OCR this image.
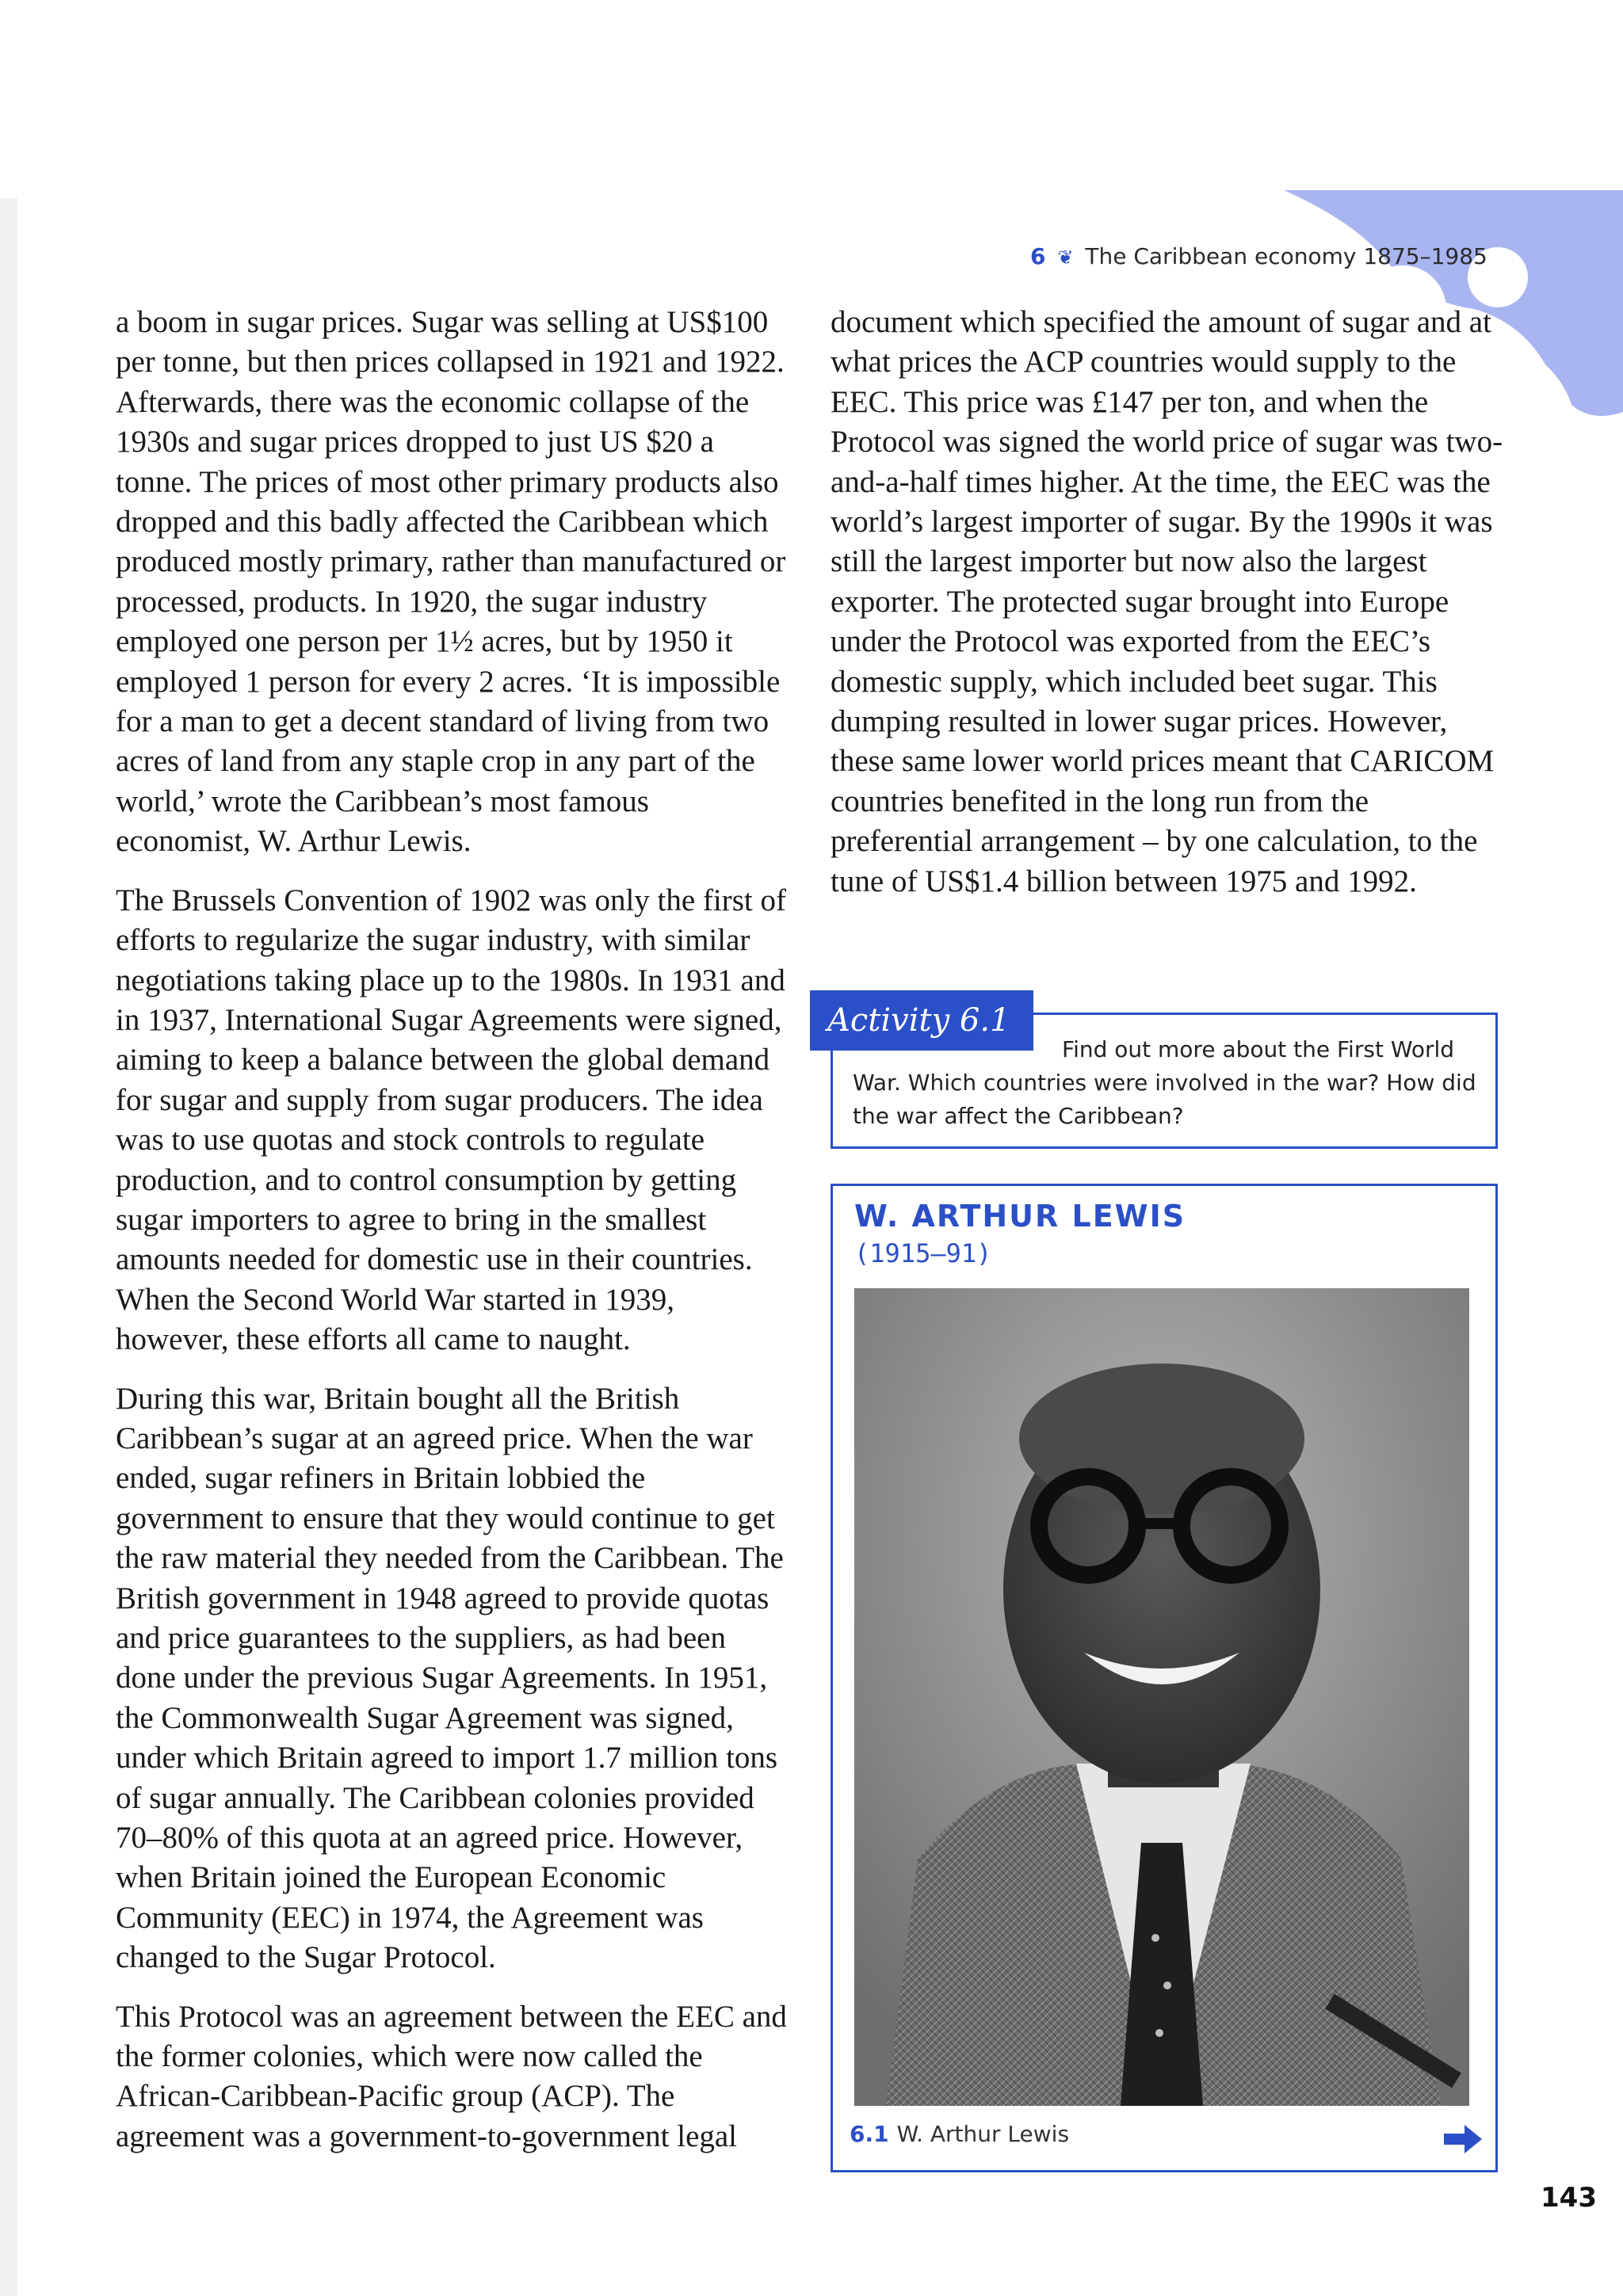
6 ❦ The Caribbean economy 1875–1985

a boom in sugar prices. Sugar was selling at US$100 per tonne, but then prices collapsed in 1921 and 1922. Afterwards, there was the economic collapse of the 1930s and sugar prices dropped to just US $20 a tonne. The prices of most other primary products also dropped and this badly affected the Caribbean which produced mostly primary, rather than manufactured or processed, products. In 1920, the sugar industry employed one person per 1½ acres, but by 1950 it employed 1 person for every 2 acres. ‘It is impossible for a man to get a decent standard of living from two acres of land from any staple crop in any part of the world,’ wrote the Caribbean’s most famous economist, W. Arthur Lewis.

The Brussels Convention of 1902 was only the first of efforts to regularize the sugar industry, with similar negotiations taking place up to the 1980s. In 1931 and in 1937, International Sugar Agreements were signed, aiming to keep a balance between the global demand for sugar and supply from sugar producers. The idea was to use quotas and stock controls to regulate production, and to control consumption by getting sugar importers to agree to bring in the smallest amounts needed for domestic use in their countries. When the Second World War started in 1939, however, these efforts all came to naught.

During this war, Britain bought all the British Caribbean’s sugar at an agreed price. When the war ended, sugar refiners in Britain lobbied the government to ensure that they would continue to get the raw material they needed from the Caribbean. The British government in 1948 agreed to provide quotas and price guarantees to the suppliers, as had been done under the previous Sugar Agreements. In 1951, the Commonwealth Sugar Agreement was signed, under which Britain agreed to import 1.7 million tons of sugar annually. The Caribbean colonies provided 70–80% of this quota at an agreed price. However, when Britain joined the European Economic Community (EEC) in 1974, the Agreement was changed to the Sugar Protocol.

This Protocol was an agreement between the EEC and the former colonies, which were now called the African-Caribbean-Pacific group (ACP). The agreement was a government-to-government legal

document which specified the amount of sugar and at what prices the ACP countries would supply to the EEC. This price was £147 per ton, and when the Protocol was signed the world price of sugar was two-and-a-half times higher. At the time, the EEC was the world’s largest importer of sugar. By the 1990s it was still the largest importer but now also the largest exporter. The protected sugar brought into Europe under the Protocol was exported from the EEC’s domestic supply, which included beet sugar. This dumping resulted in lower sugar prices. However, these same lower world prices meant that CARICOM countries benefited in the long run from the preferential arrangement – by one calculation, to the tune of US$1.4 billion between 1975 and 1992.

Activity 6.1
Find out more about the First World War. Which countries were involved in the war? How did the war affect the Caribbean?
W. ARTHUR LEWIS
(1915–91)
6.1 W. Arthur Lewis
143
